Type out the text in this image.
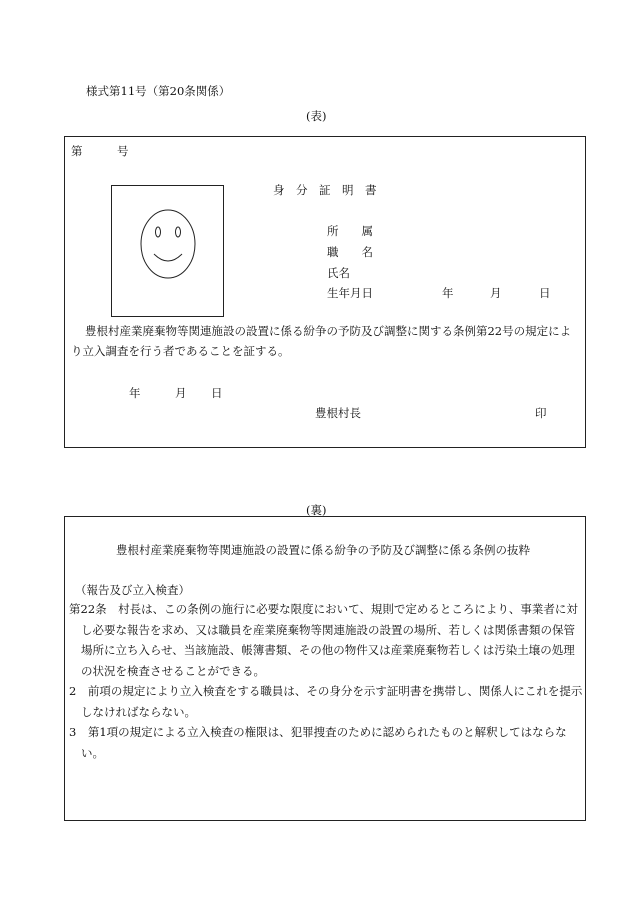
様式第11号（第20条関係）
(表)
第	号
身　分　証　明　書
所　　属
職　　名
氏名
生年月日	年	月	日
豊根村産業廃棄物等関連施設の設置に係る紛争の予防及び調整に関する条例第22号の規定により立入調査を行う者であることを証する。
年	月 日
豊根村長	印
(裏)
豊根村産業廃棄物等関連施設の設置に係る紛争の予防及び調整に係る条例の抜粋
（報告及び立入検査）
第22条　 村長は、この条例の施行に必要な限度において、規則で定めるところにより、事業者に対し必要な報告を求め、又は職員を産業廃棄物等関連施設の設置の場所、若しくは関係書類の保管場所に立ち入らせ、当該施設、帳簿書類、その他の物件又は産業廃棄物若しくは汚染土壌の処理の状況を検査させることができる。
2　 前項の規定により立入検査をする職員は、その身分を示す証明書を携帯し、関係人にこれを提示しなければならない。
3　 第1項の規定による立入検査の権限は、犯罪捜査のために認められたものと解釈してはならない。
